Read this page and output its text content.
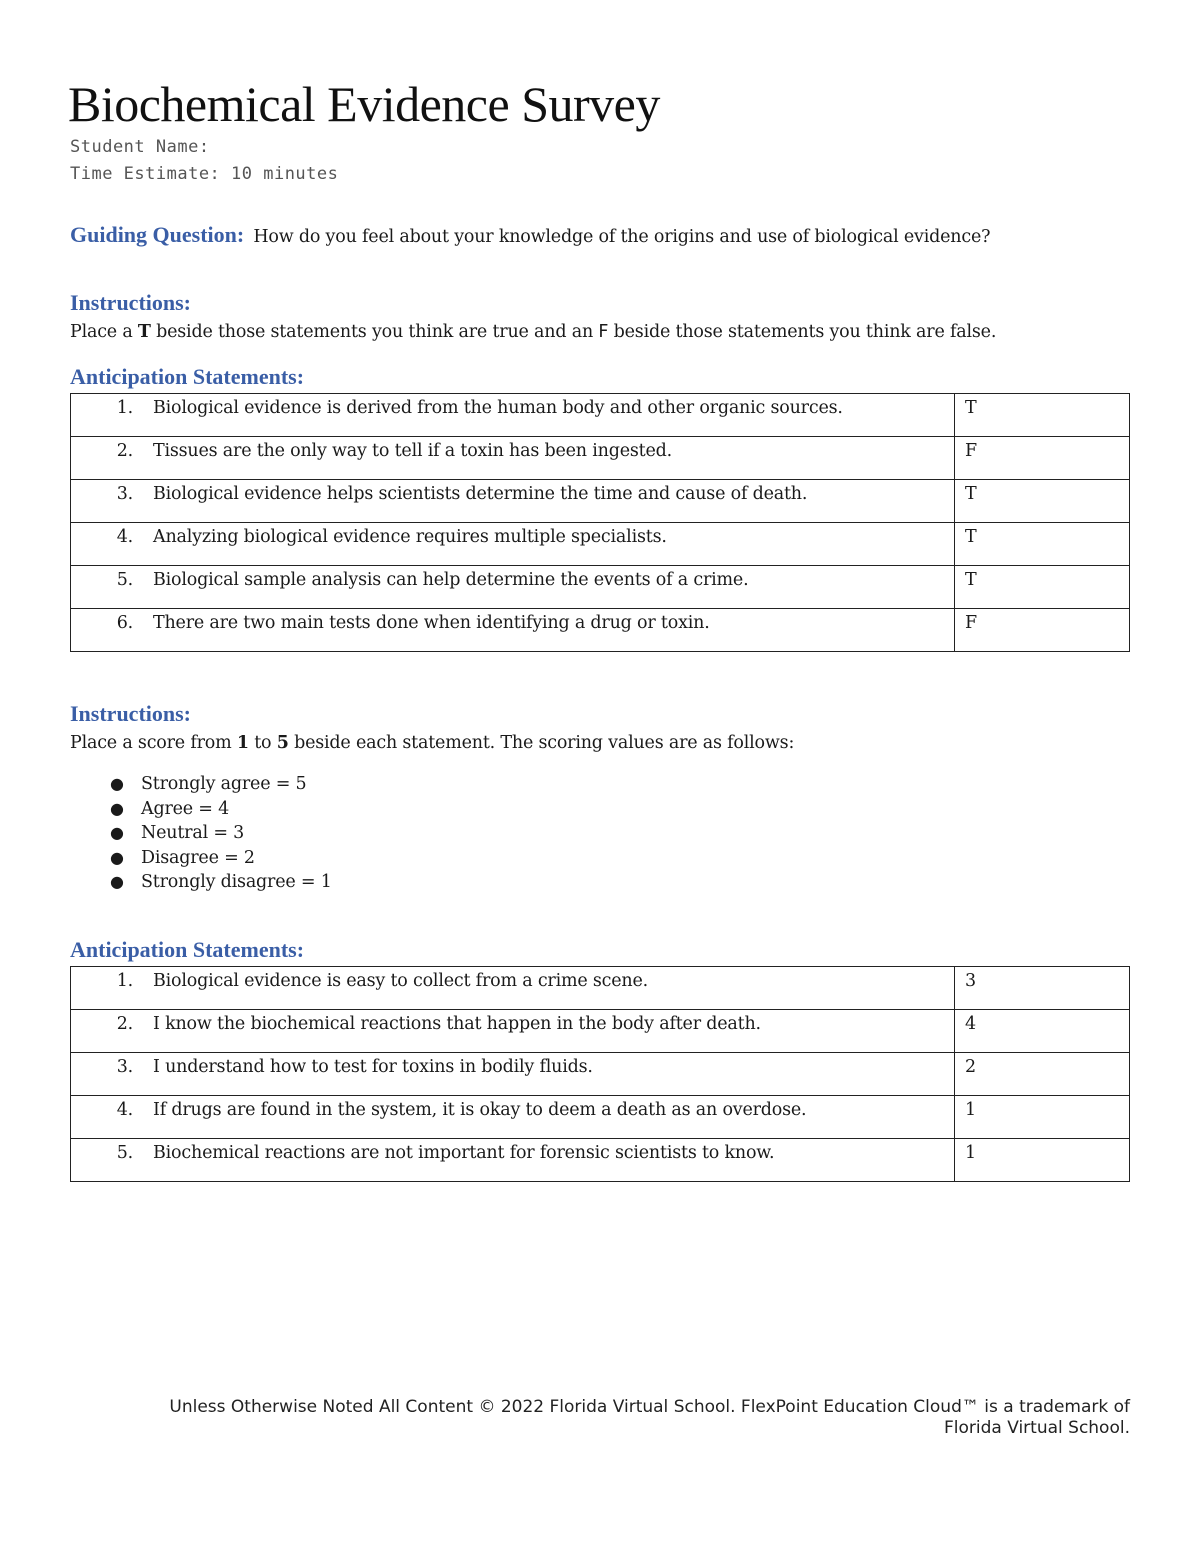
Biochemical Evidence Survey
Student Name:
Time Estimate: 10 minutes
Guiding Question: How do you feel about your knowledge of the origins and use of biological evidence?
Instructions:

Place a T beside those statements you think are true and an F beside those statements you think are false.

Anticipation Statements:
1. Biological evidence is derived from the human body and other organic sources.	T
2. Tissues are the only way to tell if a toxin has been ingested.	F
3. Biological evidence helps scientists determine the time and cause of death.	T
4. Analyzing biological evidence requires multiple specialists.	T
5. Biological sample analysis can help determine the events of a crime.	T
6. There are two main tests done when identifying a drug or toxin.	F
Instructions:

Place a score from 1 to 5 beside each statement. The scoring values are as follows:

● Strongly agree = 5
● Agree = 4
● Neutral = 3
● Disagree = 2
● Strongly disagree = 1
Anticipation Statements:
1. Biological evidence is easy to collect from a crime scene.	3
2. I know the biochemical reactions that happen in the body after death.	4
3. I understand how to test for toxins in bodily fluids.	2
4. If drugs are found in the system, it is okay to deem a death as an overdose.	1
5. Biochemical reactions are not important for forensic scientists to know.	1
Unless Otherwise Noted All Content © 2022 Florida Virtual School. FlexPoint Education Cloud™ is a trademark of
Florida Virtual School.
